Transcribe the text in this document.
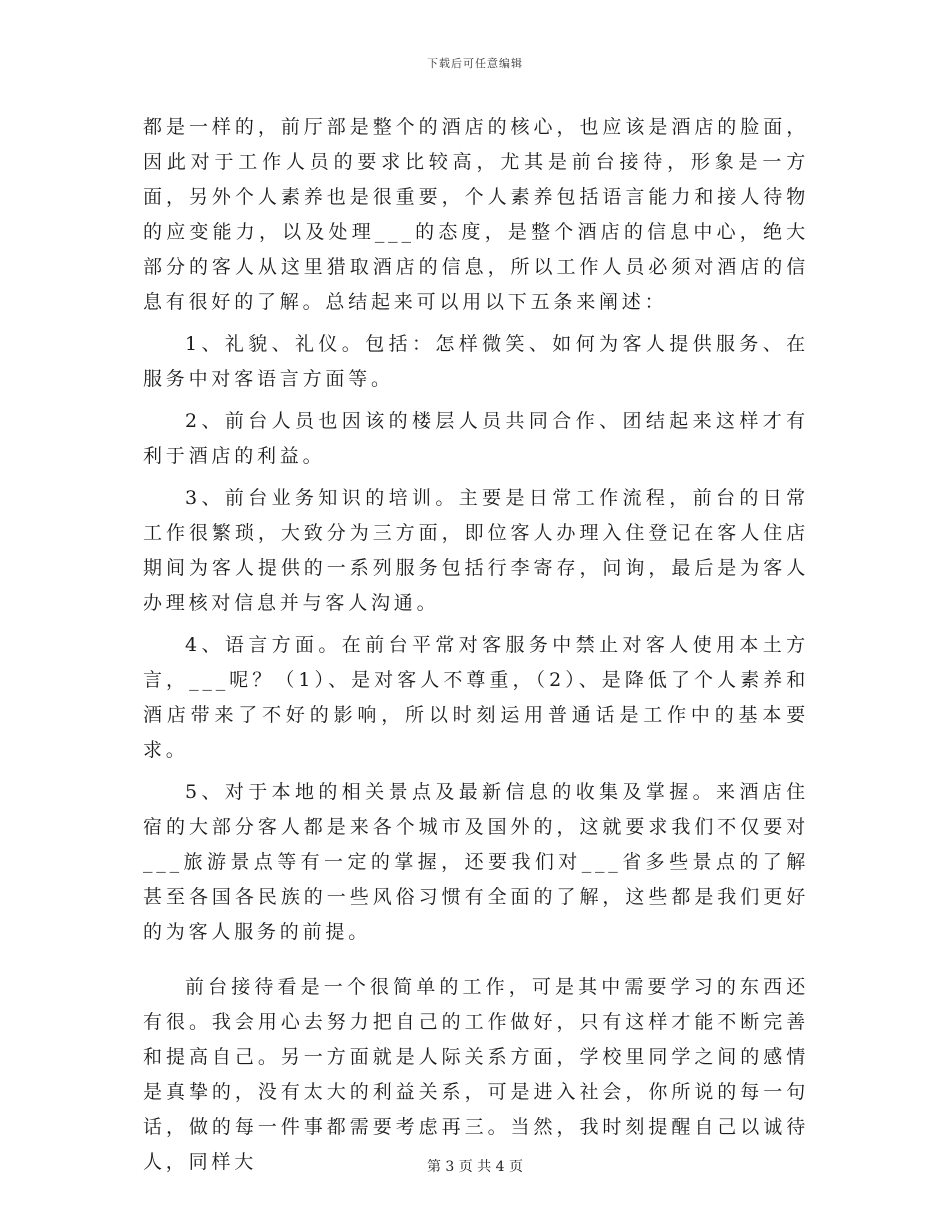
下载后可任意编辑

都是一样的，前厅部是整个的酒店的核心，也应该是酒店的脸面，因此对于工作人员的要求比较高，尤其是前台接待，形象是一方面，另外个人素养也是很重要，个人素养包括语言能力和接人待物的应变能力，以及处理___的态度，是整个酒店的信息中心，绝大部分的客人从这里猎取酒店的信息，所以工作人员必须对酒店的信息有很好的了解。总结起来可以用以下五条来阐述：

1、礼貌、礼仪。包括：怎样微笑、如何为客人提供服务、在服务中对客语言方面等。

2、前台人员也因该的楼层人员共同合作、团结起来这样才有利于酒店的利益。

3、前台业务知识的培训。主要是日常工作流程，前台的日常工作很繁琐，大致分为三方面，即位客人办理入住登记在客人住店期间为客人提供的一系列服务包括行李寄存，问询，最后是为客人办理核对信息并与客人沟通。

4、语言方面。在前台平常对客服务中禁止对客人使用本土方言，___呢？（1）、是对客人不尊重，（2）、是降低了个人素养和酒店带来了不好的影响，所以时刻运用普通话是工作中的基本要求。

5、对于本地的相关景点及最新信息的收集及掌握。来酒店住宿的大部分客人都是来各个城市及国外的，这就要求我们不仅要对___旅游景点等有一定的掌握，还要我们对___省多些景点的了解甚至各国各民族的一些风俗习惯有全面的了解，这些都是我们更好的为客人服务的前提。

前台接待看是一个很简单的工作，可是其中需要学习的东西还有很。我会用心去努力把自己的工作做好，只有这样才能不断完善和提高自己。另一方面就是人际关系方面，学校里同学之间的感情是真挚的，没有太大的利益关系，可是进入社会，你所说的每一句话，做的每一件事都需要考虑再三。当然，我时刻提醒自己以诚待人，同样大	第 3 页 共 4 页
